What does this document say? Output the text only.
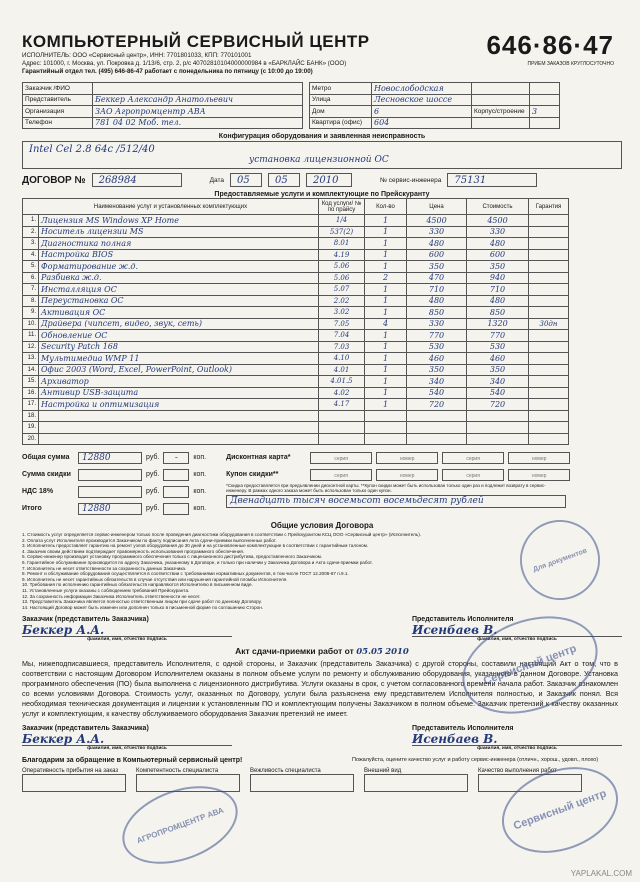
КОМПЬЮТЕРНЫЙ СЕРВИСНЫЙ ЦЕНТР
ИСПОЛНИТЕЛЬ: ООО «Сервисный центр», ИНН: 7701801033, КПП: 770101001
Адрес: 101000, г. Москва, ул. Покровка д. 1/13/6, стр. 2, р/с 40702810104000000984 в «БАРКЛАЙС БАНК» (ООО)
Гарантийный отдел тел. (495) 646-86-47 работает с понедельника по пятницу (с 10:00 до 19:00)
646·86·47
ПРИЕМ ЗАКАЗОВ КРУГЛОСУТОЧНО
Заказчик /ФИО	
Представитель	Беккер Александр Анатольевич
Организация	ЗАО Агропромцентр АВА
Телефон	781 04 02 Моб. тел.
Метро	Новослободская		
Улица	Лесновское шоссе		
Дом	6	Корпус/строение	3
Квартира (офис)	604		
Конфигурация оборудования и заявленная неисправность
Intel Cel 2.8 64c /512/40
установка лицензионной ОС
ДОГОВОР №	268984	Дата	05	05	2010	№ сервис-инженера	75131
Предоставляемые услуги и комплектующие по Прейскуранту
Наименование услуг и установленных комплектующих		Код услуги/ № по прайсу	Кол-во	Цена	Стоимость	Гарантия
1.	Лицензия MS Windows XP Home	1/4	1	4500	4500	
2.	Носитель лицензии MS	537(2)	1	330	330	
3.	Диагностика полная	8.01	1	480	480	
4.	Настройка BIOS	4.19	1	600	600	
5.	Форматирование ж.д.	5.06	1	350	350	
6.	Разбивка ж.д.	5.06	2	470	940	
7.	Инсталляция ОС	5.07	1	710	710	
8.	Переустановка ОС	2.02	1	480	480	
9.	Активация ОС	3.02	1	850	850	
10.	Драйвера (чипсет, видео, звук, сеть)	7.05	4	330	1320	30дн
11.	Обновление ОС	7.04	1	770	770	
12.	Security Patch 168	7.03	1	530	530	
13.	Мультимедиа WMP 11	4.10	1	460	460	
14.	Офис 2003 (Word, Excel, PowerPoint, Outlook)	4.01	1	350	350	
15.	Архиватор	4.01.5	1	340	340	
16.	Антивир USB-защита	4.02	1	540	540	
17.	Настройка и оптимизация	4.17	1	720	720	
18.						
19.						
20.						
Общая сумма	12880	руб.	-	коп.
Сумма скидки	руб.	коп.
НДС 18%	руб.	коп.
Итого	12880	руб.	коп.
Дисконтная карта*	серия	номер	серия	номер
Купон скидки**	серия	номер	серия	номер
*Скидка предоставляется при предъявлении дисконтной карты. **Купон скидки может быть использован только один раз и подлежит возврату в сервис-инженеру. В рамках одного заказа может быть использован только один купон.
Двенадцать тысяч восемьсот восемьдесят рублей
Общие условия Договора

1. Стоимость услуг определяется сервис-инженером только после проведения диагностики оборудования в соответствии с Прейскурантом КСЦ ООО «Сервисный центр» (Исполнитель).

2. Оплата услуг Исполнителя производится Заказчиком по факту подписания Акта сдачи-приемки выполненных работ.

3. Исполнитель предоставляет гарантию на ремонт узлов оборудования до 30 дней и на установленные комплектующие в соответствии с гарантийным талоном.

4. Заказчик своим действием подтверждает правомерность использования программного обеспечения.

5. Сервис-инженер производит установку программного обеспечения только с лицензионного дистрибутива, предоставленного Заказчиком.

6. Гарантийное обслуживание производится по адресу Заказчика, указанному в Договоре, и только при наличии у Заказчика Договора и Акта сдачи-приемки работ.

7. Исполнитель не несет ответственности за сохранность данных Заказчика.

8. Ремонт и обслуживание оборудования осуществляется в соответствии с требованиями нормативных документов, в том числе ГОСТ 12.2006-87 п.9.1.

9. Исполнитель не несет гарантийных обязательств в случае отсутствия или нарушения гарантийной пломбы Исполнителя.

10. Требования по исполнению гарантийных обязательств направляются Исполнителю в письменном виде.

11. Установленные услуги оказаны с соблюдением требований Прейскуранта.

12. За сохранность информации Заказчика Исполнитель ответственности не несет.

13. Представитель Заказчика является полностью ответственным лицом при сдаче работ по данному Договору.

14. Настоящий Договор может быть изменен или дополнен только в письменной форме по соглашению Сторон.

Заказчик (представитель Заказчика)
Беккер А.А.
фамилия, имя, отчество подпись
Представитель Исполнителя
Исенбаев В.
фамилия, имя, отчество подпись
Акт сдачи-приемки работ от 05.05 2010
Мы, нижеподписавшиеся, представитель Исполнителя, с одной стороны, и Заказчик (представитель Заказчика) с другой стороны, составили настоящий Акт о том, что в соответствии с настоящим Договором Исполнителем оказаны в полном объеме услуги по ремонту и обслуживанию оборудования, указанного в данном Договоре. Установка программного обеспечения (ПО) была выполнена с лицензионного дистрибутива. Услуги оказаны в срок, с учетом согласованного времени начала работ. Заказчик ознакомлен со всеми условиями Договора. Стоимость услуг, оказанных по Договору, услуги была разъяснена ему представителем Исполнителя полностью, и Заказчик понял. Вся необходимая техническая документация и лицензии к установленным ПО и комплектующим получены Заказчиком в полном объеме. Заказчик претензий к качеству оказанных услуг и комплектующим, к качеству обслуживаемого оборудования Заказчик претензий не имеет.
Заказчик (представитель Заказчика)
Беккер А.А.
фамилия, имя, отчество подпись
Представитель Исполнителя
Исенбаев В.
фамилия, имя, отчество подпись
Благодарим за обращение в Компьютерный сервисный центр!	Пожалуйста, оцените качество услуг и работу сервис-инженера (отличн., хорош., удовл., плохо)
Оперативность прибытия на заказ	Компетентность специалиста	Вежливость специалиста	Внешний вид	Качество выполнения работ
АГРОПРОМЦЕНТР АВА
Сервисный центр
Сервисный центр
Для документов
YAPLAKAL.COM
